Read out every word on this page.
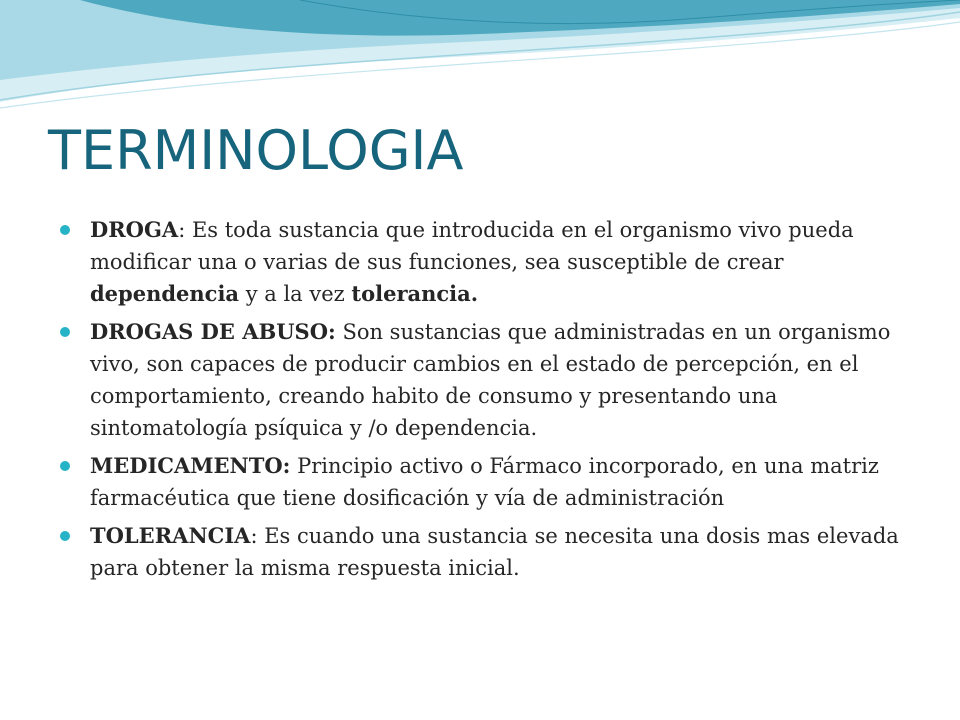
TERMINOLOGIA
DROGA: Es toda sustancia que introducida en el organismo vivo pueda modificar una o varias de sus funciones, sea susceptible de crear dependencia y a la vez tolerancia.
DROGAS DE ABUSO: Son sustancias que administradas en un organismo vivo, son capaces de producir cambios en el estado de percepción, en el comportamiento, creando habito de consumo y presentando una sintomatología psíquica y /o dependencia.
MEDICAMENTO: Principio activo o Fármaco incorporado, en una matriz farmacéutica que tiene dosificación y vía de administración
TOLERANCIA: Es cuando una sustancia se necesita una dosis mas elevada para obtener la misma respuesta inicial.
